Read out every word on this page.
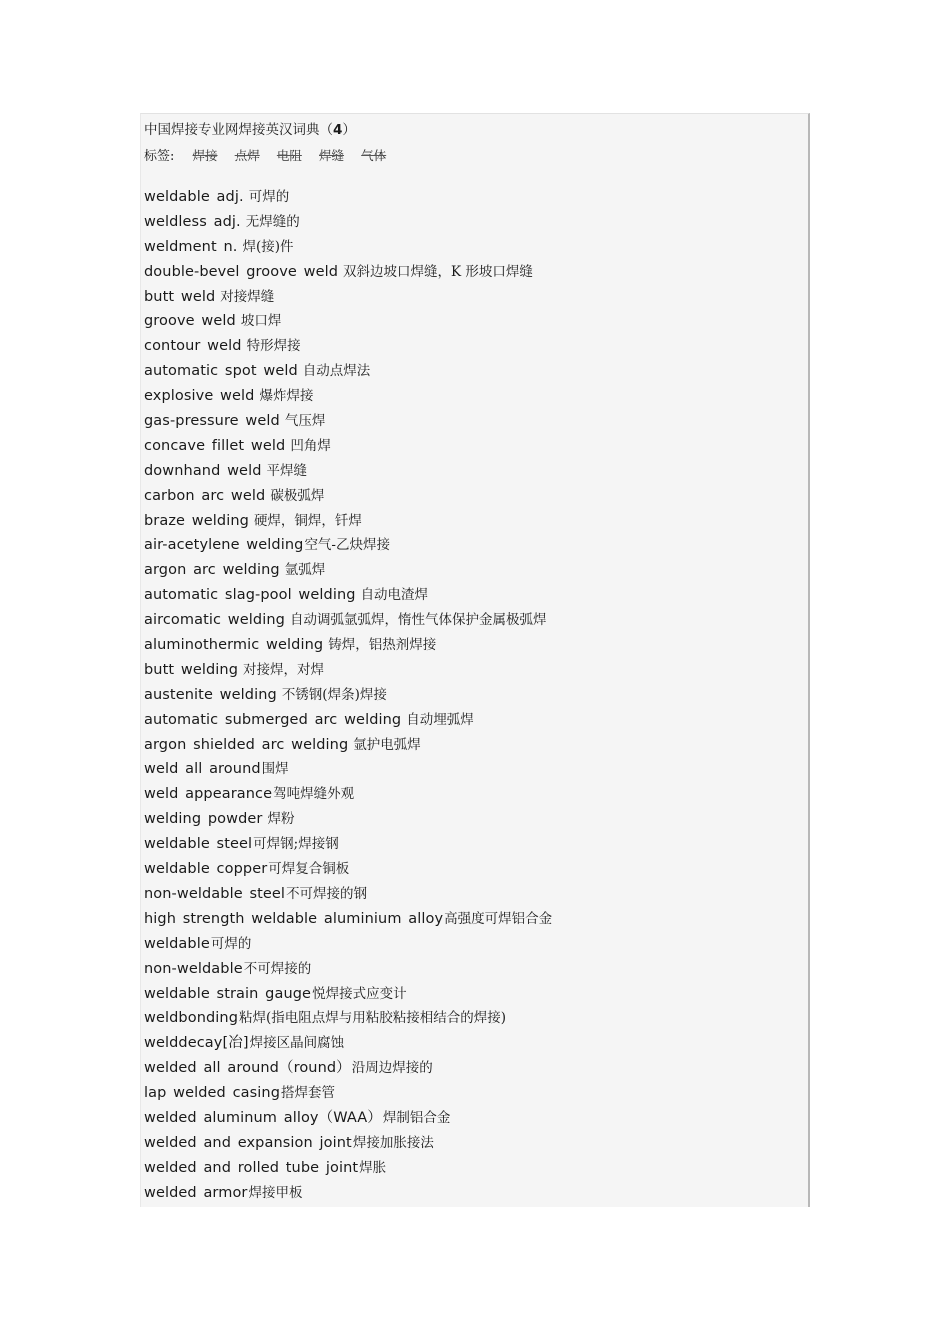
中国焊接专业网焊接英汉词典（4）
标签: 焊接 点焊 电阻 焊缝 气体
weldable adj. 可焊的
weldless adj. 无焊缝的
weldment n. 焊(接)件
double-bevel groove weld 双斜边坡口焊缝，K 形坡口焊缝
butt weld 对接焊缝
groove weld 坡口焊
contour weld 特形焊接
automatic spot weld 自动点焊法
explosive weld 爆炸焊接
gas-pressure weld 气压焊
concave fillet weld 凹角焊
downhand weld 平焊缝
carbon arc weld 碳极弧焊
braze welding 硬焊，铜焊，钎焊
air-acetylene welding空气-乙炔焊接
argon arc welding 氩弧焊
automatic slag-pool welding 自动电渣焊
aircomatic welding 自动调弧氩弧焊，惰性气体保护金属极弧焊
aluminothermic welding 铸焊，铝热剂焊接
butt welding 对接焊，对焊
austenite welding 不锈钢(焊条)焊接
automatic submerged arc welding 自动埋弧焊
argon shielded arc welding 氩护电弧焊
weld all around围焊
weld appearance驾吨焊缝外观
welding powder 焊粉
weldable steel可焊钢;焊接钢
weldable copper可焊复合铜板
non-weldable steel不可焊接的钢
high strength weldable aluminium alloy高强度可焊铝合金
weldable可焊的
non-weldable不可焊接的
weldable strain gauge悦焊接式应变计
weldbonding粘焊(指电阻点焊与用粘胶粘接相结合的焊接)
welddecay[冶]焊接区晶间腐蚀
welded all around（round）沿周边焊接的
lap welded casing搭焊套管
welded aluminum alloy（WAA）焊制铝合金
welded and expansion joint焊接加胀接法
welded and rolled tube joint焊胀
welded armor焊接甲板
